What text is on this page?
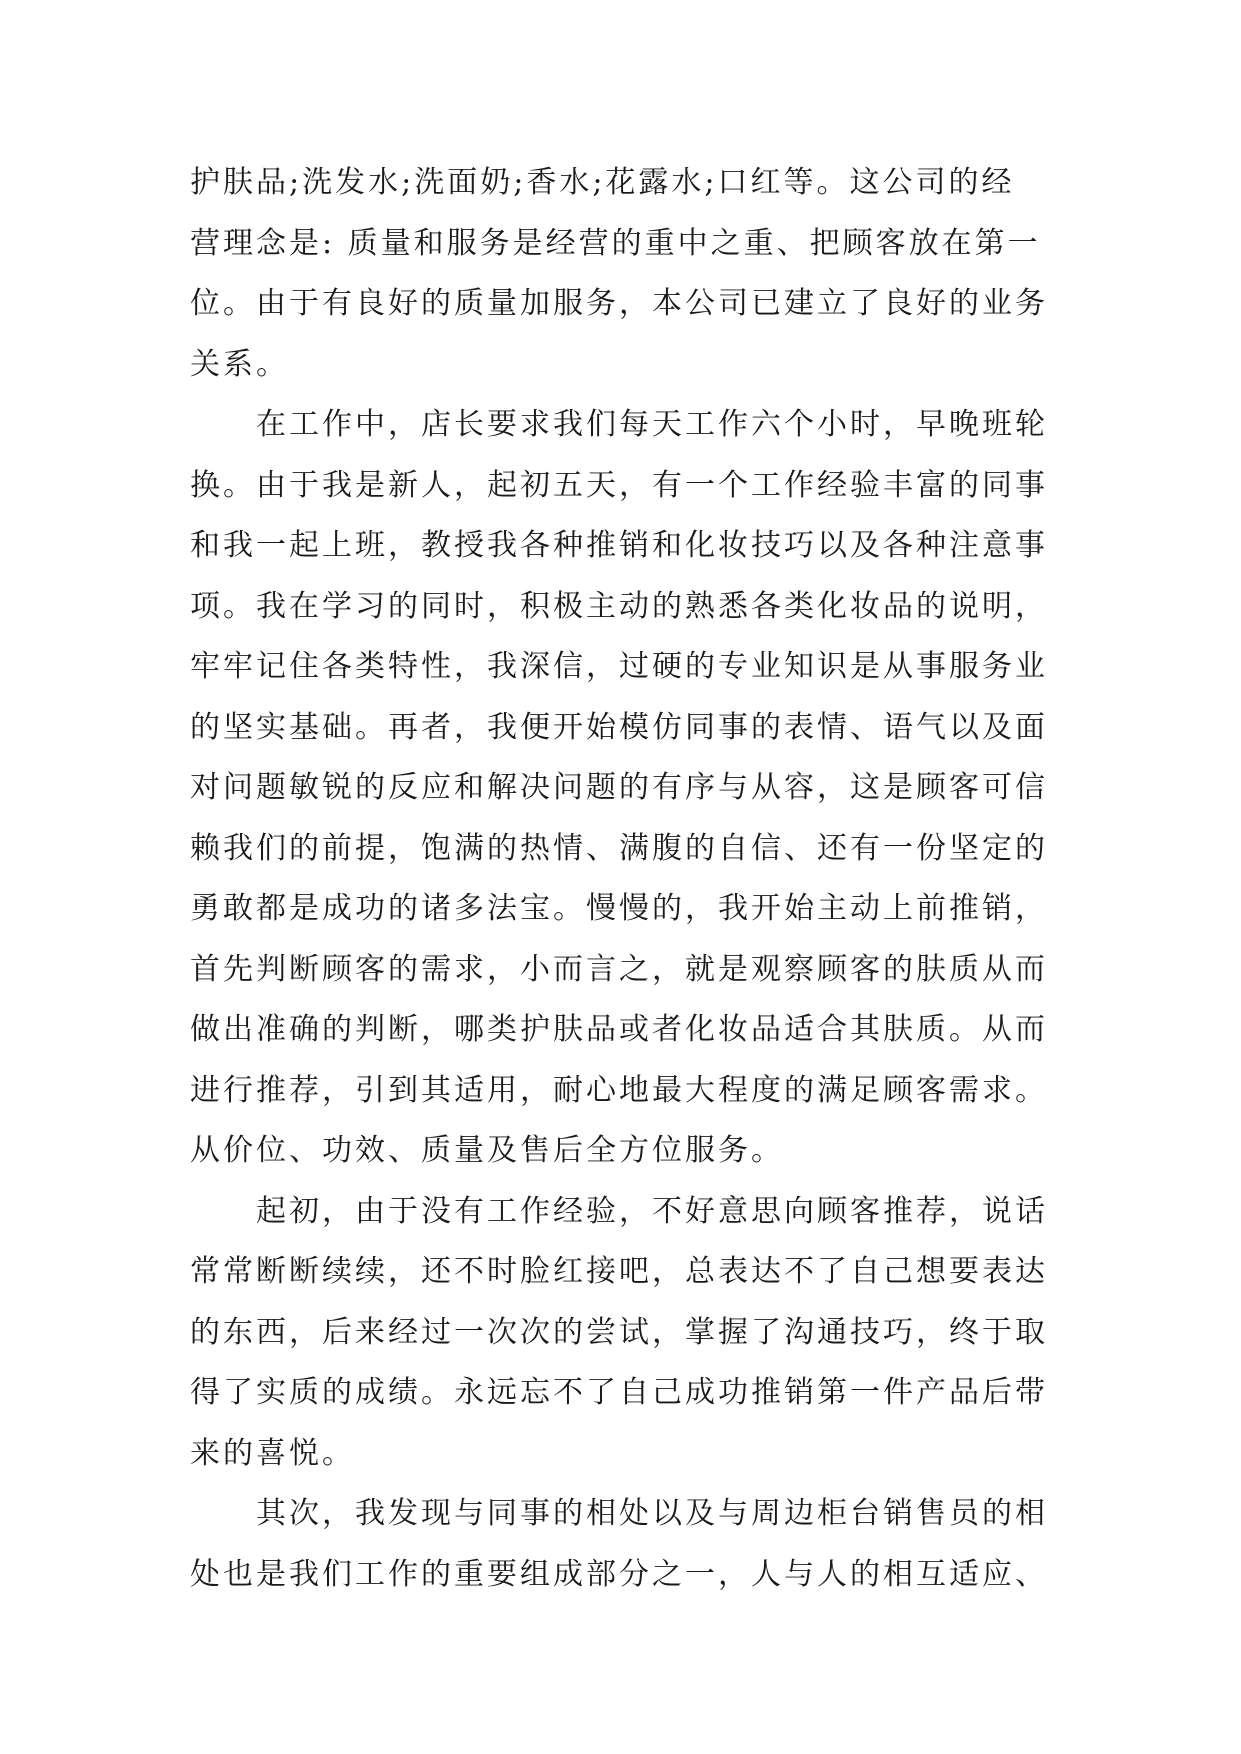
护肤品;洗发水;洗面奶;香水;花露水;口红等。这公司的经
营理念是: 质量和服务是经营的重中之重、把顾客放在第一
位。由于有良好的质量加服务，本公司已建立了良好的业务
关系。
　　在工作中，店长要求我们每天工作六个小时，早晚班轮
换。由于我是新人，起初五天，有一个工作经验丰富的同事
和我一起上班，教授我各种推销和化妆技巧以及各种注意事
项。我在学习的同时，积极主动的熟悉各类化妆品的说明，
牢牢记住各类特性，我深信，过硬的专业知识是从事服务业
的坚实基础。再者，我便开始模仿同事的表情、语气以及面
对问题敏锐的反应和解决问题的有序与从容，这是顾客可信
赖我们的前提，饱满的热情、满腹的自信、还有一份坚定的
勇敢都是成功的诸多法宝。慢慢的，我开始主动上前推销，
首先判断顾客的需求，小而言之，就是观察顾客的肤质从而
做出准确的判断，哪类护肤品或者化妆品适合其肤质。从而
进行推荐，引到其适用，耐心地最大程度的满足顾客需求。
从价位、功效、质量及售后全方位服务。
　　起初，由于没有工作经验，不好意思向顾客推荐，说话
常常断断续续，还不时脸红接吧，总表达不了自己想要表达
的东西，后来经过一次次的尝试，掌握了沟通技巧，终于取
得了实质的成绩。永远忘不了自己成功推销第一件产品后带
来的喜悦。
　　其次，我发现与同事的相处以及与周边柜台销售员的相
处也是我们工作的重要组成部分之一，人与人的相互适应、
